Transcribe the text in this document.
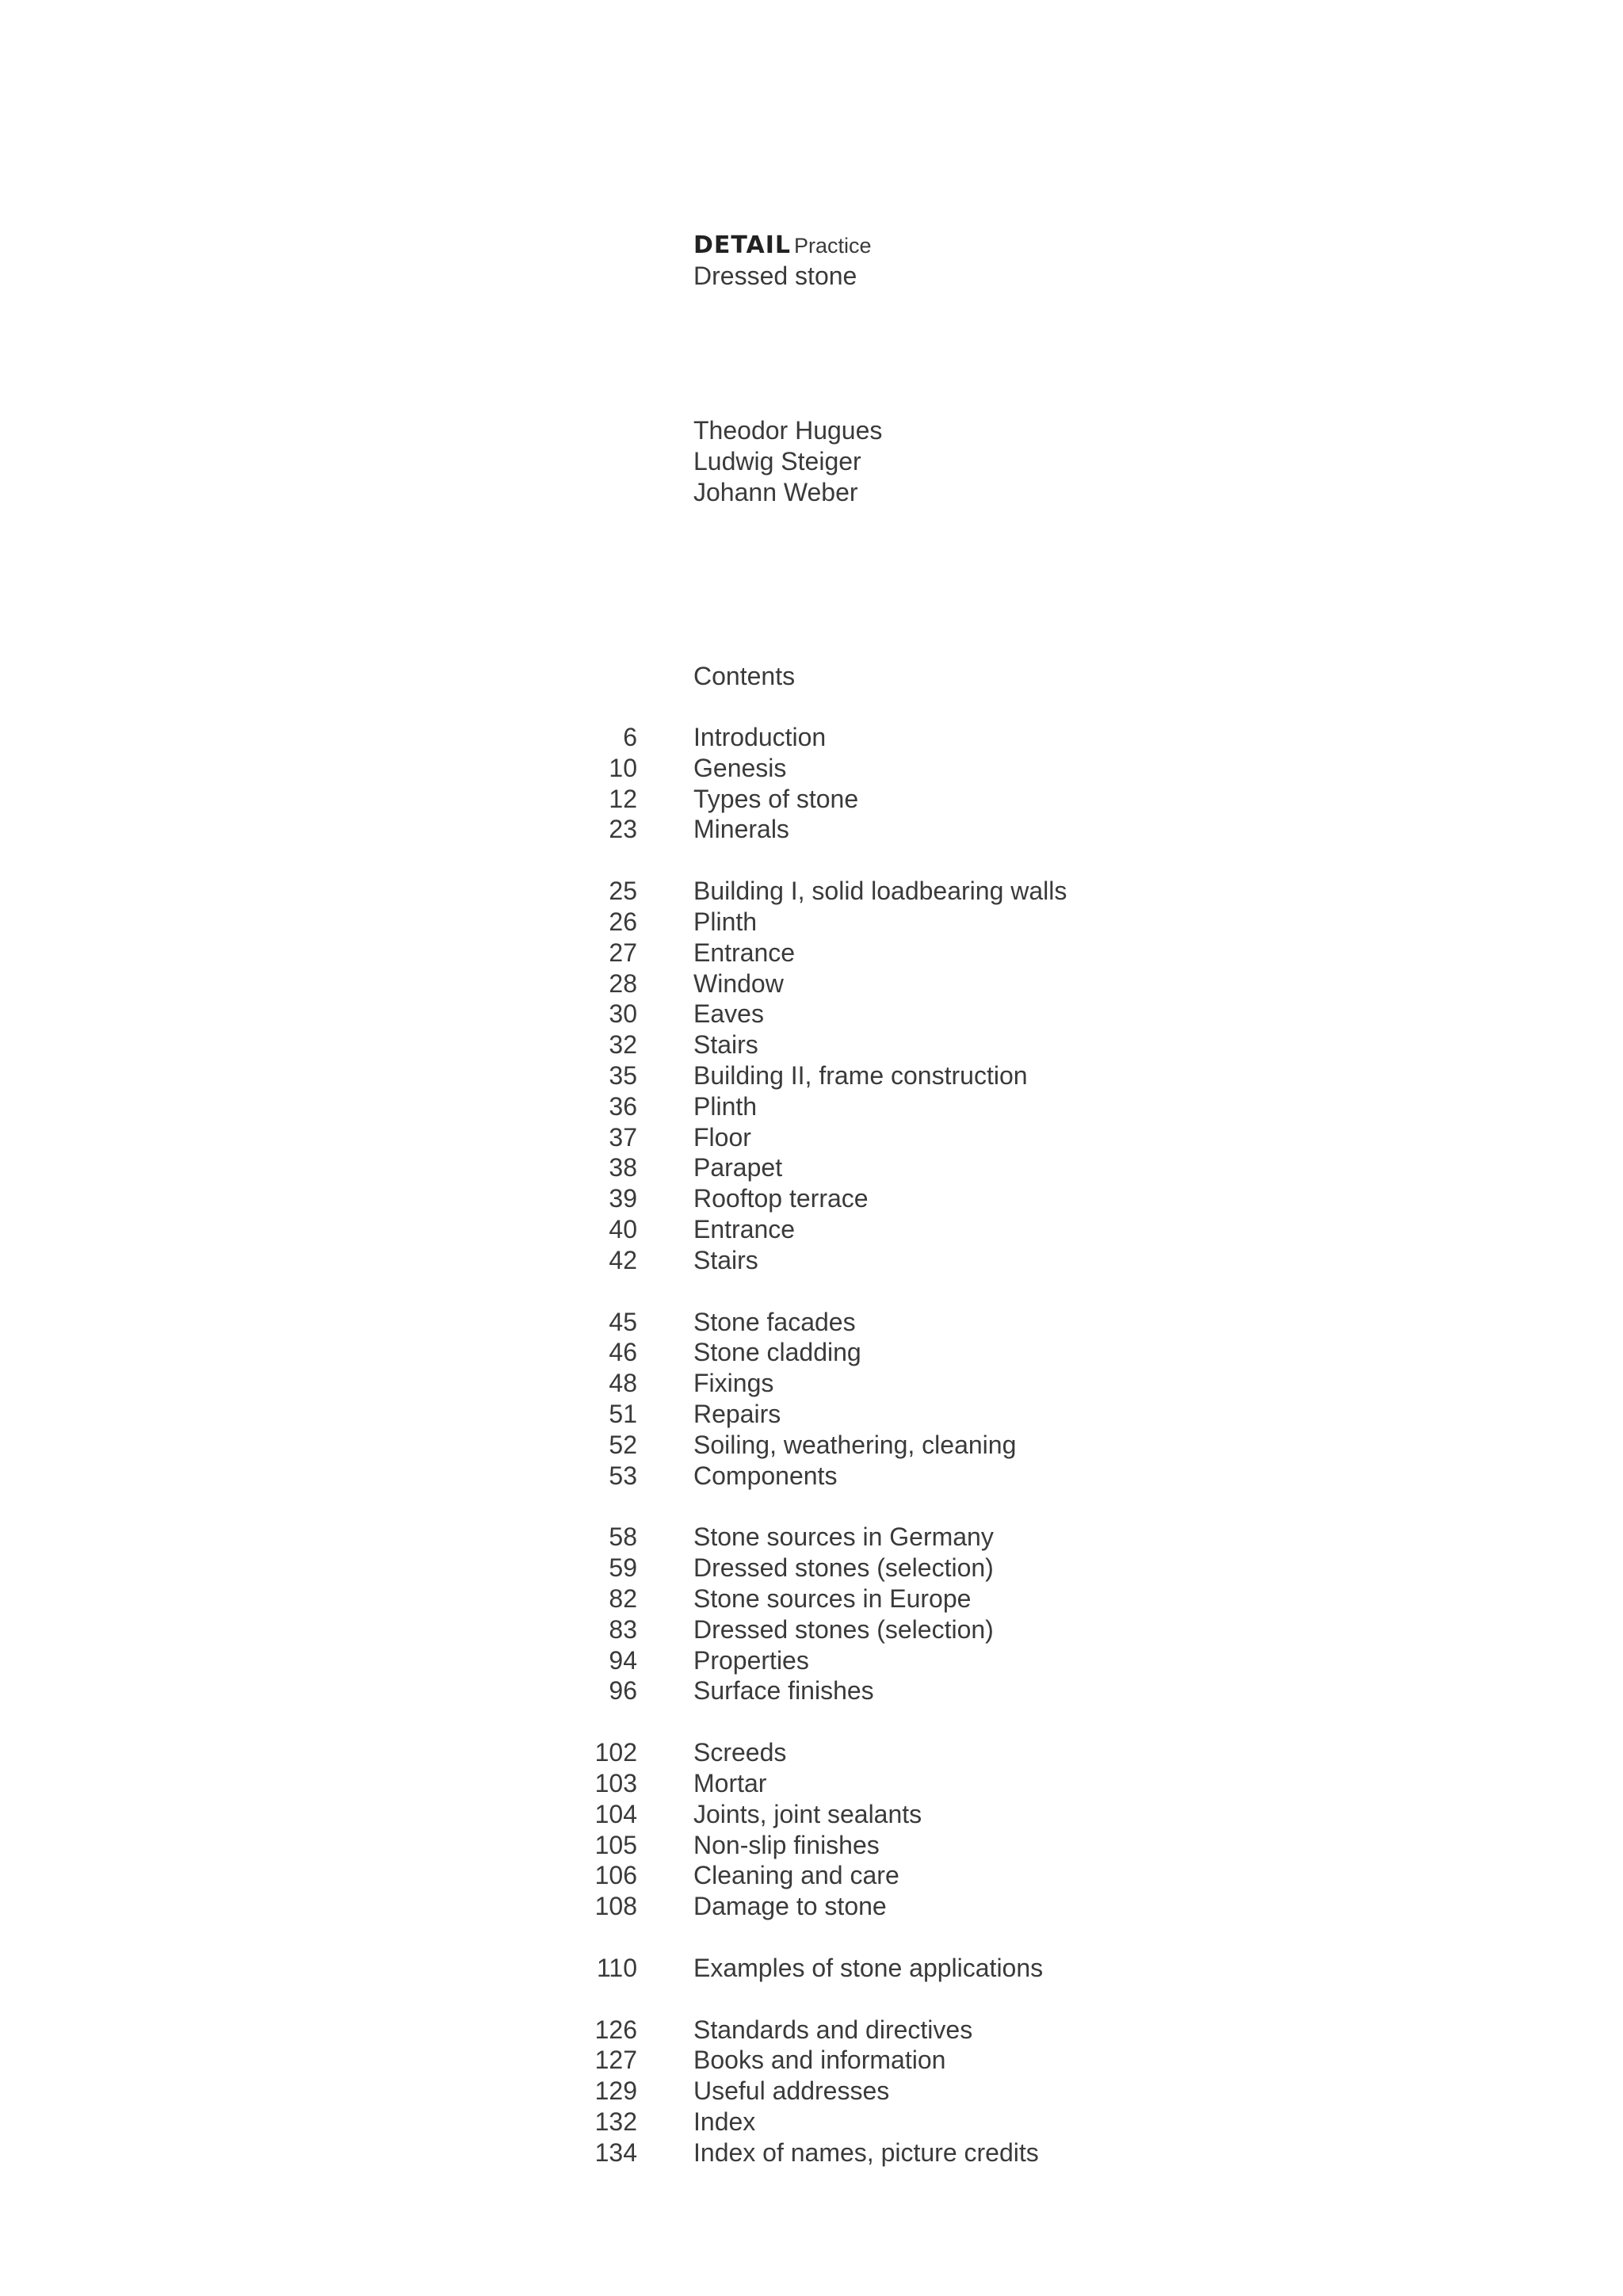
DETAIL Practice
Dressed stone
Theodor Hugues
Ludwig Steiger
Johann Weber
Contents
6 Introduction
10 Genesis
12 Types of stone
23 Minerals
25 Building I, solid loadbearing walls
26 Plinth
27 Entrance
28 Window
30 Eaves
32 Stairs
35 Building II, frame construction
36 Plinth
37 Floor
38 Parapet
39 Rooftop terrace
40 Entrance
42 Stairs
45 Stone facades
46 Stone cladding
48 Fixings
51 Repairs
52 Soiling, weathering, cleaning
53 Components
58 Stone sources in Germany
59 Dressed stones (selection)
82 Stone sources in Europe
83 Dressed stones (selection)
94 Properties
96 Surface finishes
102 Screeds
103 Mortar
104 Joints, joint sealants
105 Non-slip finishes
106 Cleaning and care
108 Damage to stone
110 Examples of stone applications
126 Standards and directives
127 Books and information
129 Useful addresses
132 Index
134 Index of names, picture credits
